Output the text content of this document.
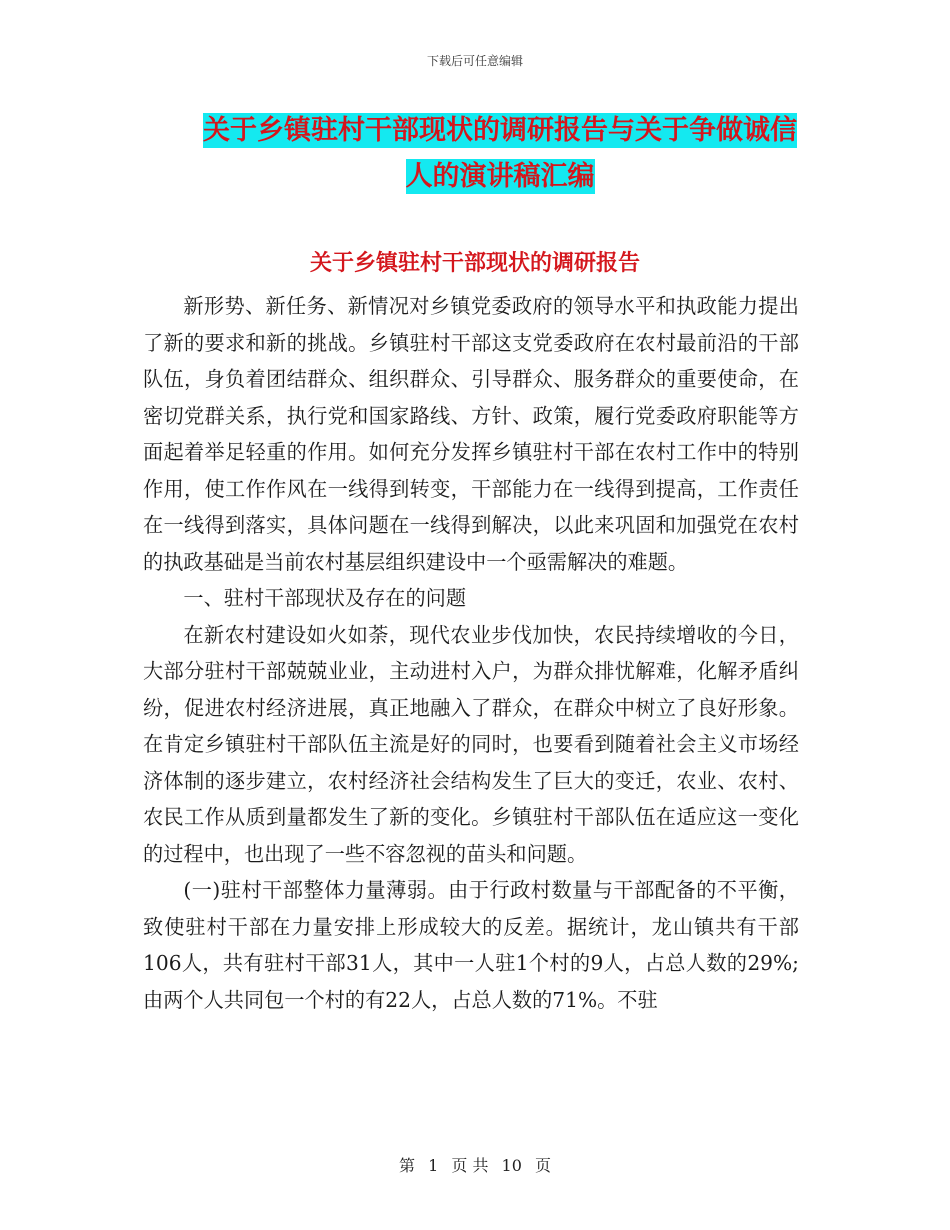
下载后可任意编辑
关于乡镇驻村干部现状的调研报告与关于争做诚信人的演讲稿汇编
关于乡镇驻村干部现状的调研报告

新形势、新任务、新情况对乡镇党委政府的领导水平和执政能力提出了新的要求和新的挑战。乡镇驻村干部这支党委政府在农村最前沿的干部队伍，身负着团结群众、组织群众、引导群众、服务群众的重要使命，在密切党群关系，执行党和国家路线、方针、政策，履行党委政府职能等方面起着举足轻重的作用。如何充分发挥乡镇驻村干部在农村工作中的特别作用，使工作作风在一线得到转变，干部能力在一线得到提高，工作责任在一线得到落实，具体问题在一线得到解决，以此来巩固和加强党在农村的执政基础是当前农村基层组织建设中一个亟需解决的难题。

一、驻村干部现状及存在的问题

在新农村建设如火如荼，现代农业步伐加快，农民持续增收的今日，大部分驻村干部兢兢业业，主动进村入户，为群众排忧解难，化解矛盾纠纷，促进农村经济进展，真正地融入了群众，在群众中树立了良好形象。在肯定乡镇驻村干部队伍主流是好的同时，也要看到随着社会主义市场经济体制的逐步建立，农村经济社会结构发生了巨大的变迁，农业、农村、农民工作从质到量都发生了新的变化。乡镇驻村干部队伍在适应这一变化的过程中，也出现了一些不容忽视的苗头和问题。

(一)驻村干部整体力量薄弱。由于行政村数量与干部配备的不平衡，致使驻村干部在力量安排上形成较大的反差。据统计，龙山镇共有干部106人，共有驻村干部31人，其中一人驻1个村的9人，占总人数的29%;由两个人共同包一个村的有22人，占总人数的71%。不驻

第 1 页 共 10 页
